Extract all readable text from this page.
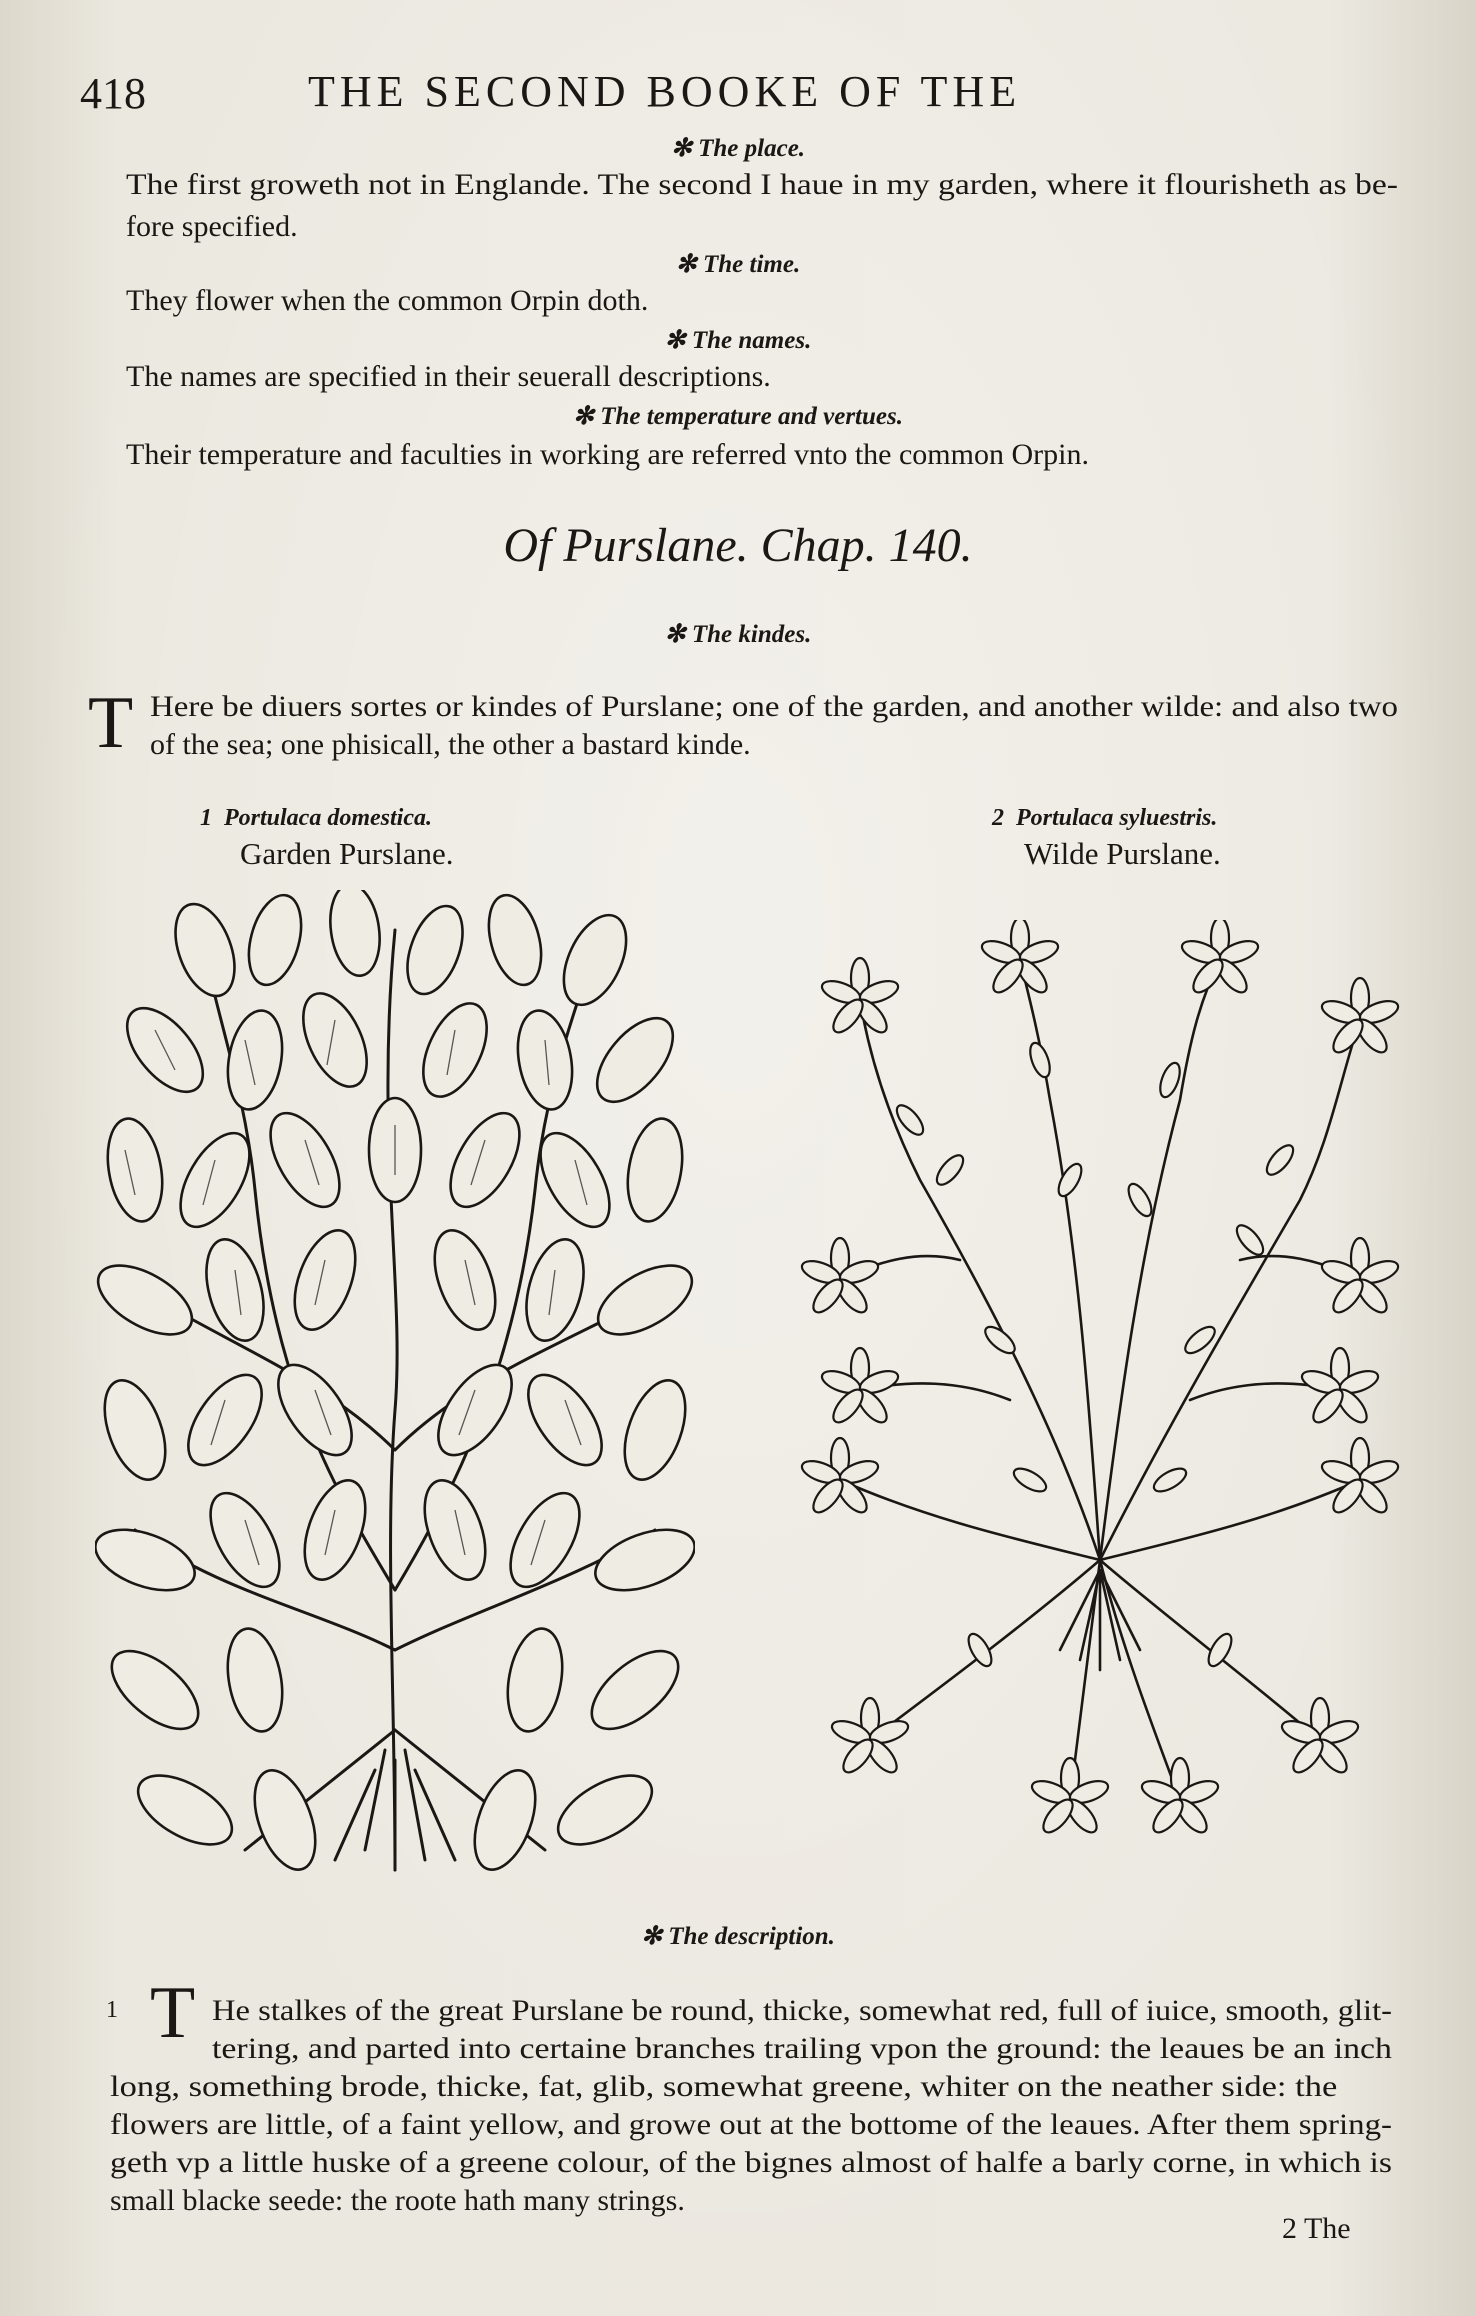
418	THE SECOND BOOKE OF THE
✻ The place.
The first groweth not in Englande. The second I haue in my garden, where it flourisheth as be-
fore specified.
✻ The time.
They flower when the common Orpin doth.
✻ The names.
The names are specified in their seuerall descriptions.
✻ The temperature and vertues.
Their temperature and faculties in working are referred vnto the common Orpin.
Of Purslane. Chap. 140.
✻ The kindes.
T Here be diuers sortes or kindes of Purslane; one of the garden, and another wilde: and also two
of the sea; one phisicall, the other a bastard kinde.
1 Portulaca domestica.
Garden Purslane.
2 Portulaca syluestris.
Wilde Purslane.
✻ The description.
1 T He stalkes of the great Purslane be round, thicke, somewhat red, full of iuice, smooth, glit-
tering, and parted into certaine branches trailing vpon the ground: the leaues be an inch
long, something brode, thicke, fat, glib, somewhat greene, whiter on the neather side: the
flowers are little, of a faint yellow, and growe out at the bottome of the leaues. After them spring-
geth vp a little huske of a greene colour, of the bignes almost of halfe a barly corne, in which is
small blacke seede: the roote hath many strings.
2 The
